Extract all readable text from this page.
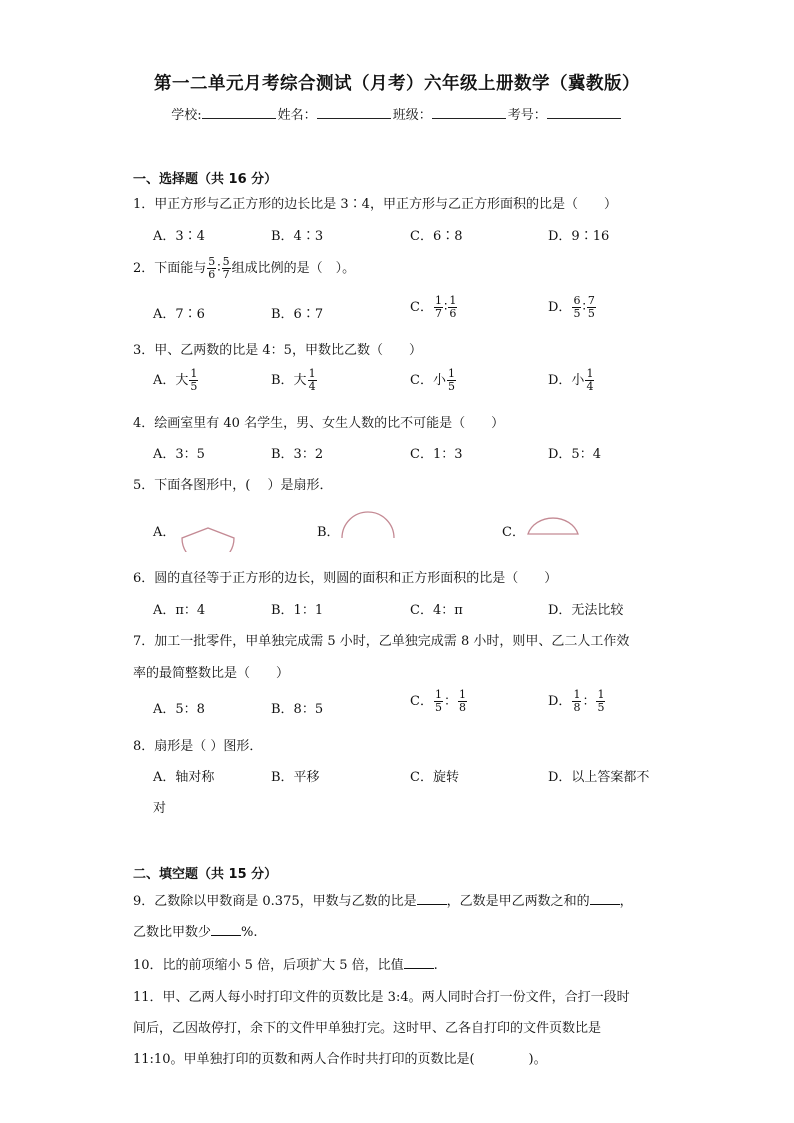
第一二单元月考综合测试（月考）六年级上册数学（冀教版）
学校:	姓名：	班级：	考号：
一、选择题（共 16 分）
1．甲正方形与乙正方形的边长比是 3∶4，甲正方形与乙正方形面积的比是（　　）
A．3∶4	B．4∶3	C．6∶8	D．9∶16
2．下面能与 $\frac{5}{6}$ ∶ $\frac{5}{7}$ 组成比例的是（　）。
A．7∶6	B．6∶7	C． $\frac{1}{7}$ ∶ $\frac{1}{6}$	D． $\frac{6}{5}$ ∶ $\frac{7}{5}$
3．甲、乙两数的比是 4：5，甲数比乙数（　　）
A．大 $\frac{1}{5}$	B．大 $\frac{1}{4}$	C．小 $\frac{1}{5}$	D．小 $\frac{1}{4}$
4．绘画室里有 40 名学生，男、女生人数的比不可能是（　　）
A．3：5	B．3：2	C．1：3	D．5：4
5．下面各图形中，(　 ）是扇形．
A．	B．	C．
6．圆的直径等于正方形的边长，则圆的面积和正方形面积的比是（　　）
A．π：4	B．1：1	C．4：π	D．无法比较
7．加工一批零件，甲单独完成需 5 小时，乙单独完成需 8 小时，则甲、乙二人工作效
率的最简整数比是（　　）
A．5：8	B．8：5
C． $\frac{1}{5}$ ： $\frac{1}{8}$	D． $\frac{1}{8}$ ： $\frac{1}{5}$
8．扇形是（ ）图形．
A．轴对称	B．平移	C．旋转	D．以上答案都不
对
二、填空题（共 15 分）
9．乙数除以甲数商是 0.375，甲数与乙数的比是 ，乙数是甲乙两数之和的 ，
乙数比甲数少 %.
10．比的前项缩小 5 倍，后项扩大 5 倍，比值 .
11．甲、乙两人每小时打印文件的页数比是 3:4。两人同时合打一份文件，合打一段时
间后，乙因故停打，余下的文件甲单独打完。这时甲、乙各自打印的文件页数比是
11:10。甲单独打印的页数和两人合作时共打印的页数比是(	)。
